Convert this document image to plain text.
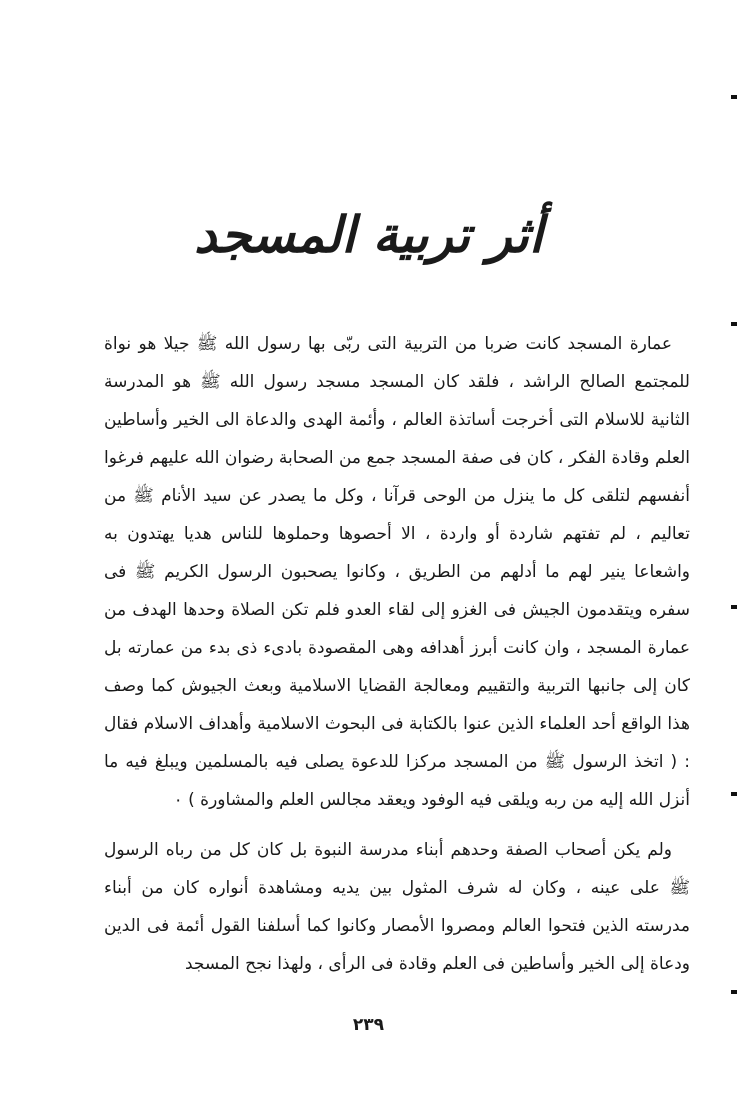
أثر تربية المسجد

عمارة المسجد كانت ضربا من التربية التى ربّى بها رسول الله ﷺ جيلا هو نواة للمجتمع الصالح الراشد ، فلقد كان المسجد مسجد رسول الله ﷺ هو المدرسة الثانية للاسلام التى أخرجت أساتذة العالم ، وأئمة الهدى والدعاة الى الخير وأساطين العلم وقادة الفكر ، كان فى صفة المسجد جمع من الصحابة رضوان الله عليهم فرغوا أنفسهم لتلقى كل ما ينزل من الوحى قرآنا ، وكل ما يصدر عن سيد الأنام ﷺ من تعاليم ، لم تفتهم شاردة أو واردة ، الا أحصوها وحملوها للناس هديا يهتدون به واشعاعا ينير لهم ما أدلهم من الطريق ، وكانوا يصحبون الرسول الكريم ﷺ فى سفره ويتقدمون الجيش فى الغزو إلى لقاء العدو فلم تكن الصلاة وحدها الهدف من عمارة المسجد ، وان كانت أبرز أهدافه وهى المقصودة بادىء ذى بدء من عمارته بل كان إلى جانبها التربية والتقييم ومعالجة القضايا الاسلامية وبعث الجيوش كما وصف هذا الواقع أحد العلماء الذين عنوا بالكتابة فى البحوث الاسلامية وأهداف الاسلام فقال : ( اتخذ الرسول ﷺ من المسجد مركزا للدعوة يصلى فيه بالمسلمين ويبلغ فيه ما أنزل الله إليه من ربه ويلقى فيه الوفود ويعقد مجالس العلم والمشاورة ) ٠

ولم يكن أصحاب الصفة وحدهم أبناء مدرسة النبوة بل كان كل من رباه الرسول ﷺ على عينه ، وكان له شرف المثول بين يديه ومشاهدة أنواره كان من أبناء مدرسته الذين فتحوا العالم ومصروا الأمصار وكانوا كما أسلفنا القول أئمة فى الدين ودعاة إلى الخير وأساطين فى العلم وقادة فى الرأى ، ولهذا نجح المسجد

٢٣٩
